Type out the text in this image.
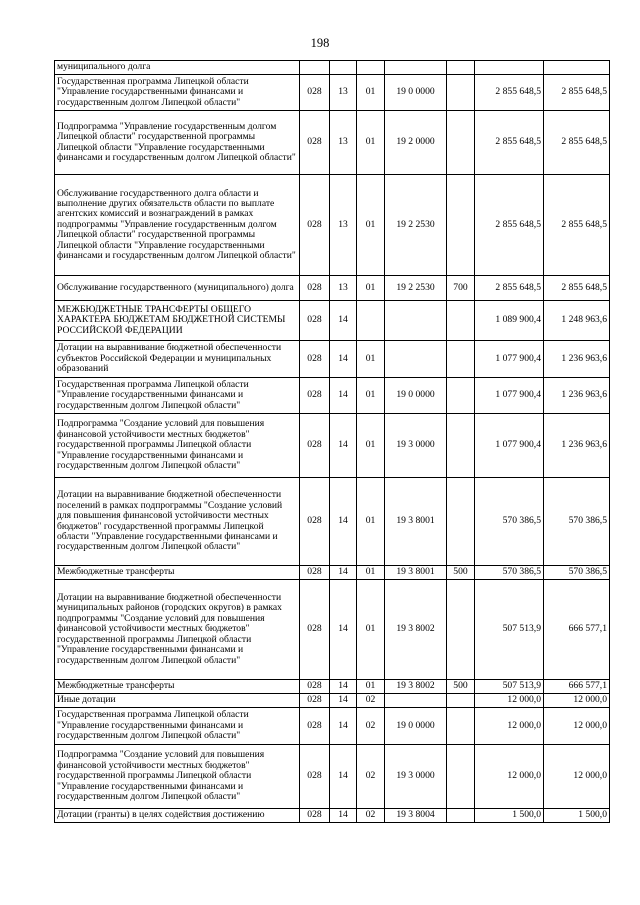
198
муниципального долга							
Государственная программа Липецкой области "Управление государственными финансами и государственным долгом Липецкой области"	028	13	01	19 0 0000		2 855 648,5	2 855 648,5
Подпрограмма "Управление государственным долгом Липецкой области" государственной программы Липецкой области "Управление государственными финансами и государственным долгом Липецкой области"	028	13	01	19 2 0000		2 855 648,5	2 855 648,5
Обслуживание государственного долга области и выполнение других обязательств области по выплате агентских комиссий и вознаграждений в рамках подпрограммы "Управление государственным долгом Липецкой области" государственной программы Липецкой области "Управление государственными финансами и государственным долгом Липецкой области"	028	13	01	19 2 2530		2 855 648,5	2 855 648,5
Обслуживание государственного (муниципального) долга	028	13	01	19 2 2530	700	2 855 648,5	2 855 648,5
МЕЖБЮДЖЕТНЫЕ ТРАНСФЕРТЫ ОБЩЕГО ХАРАКТЕРА БЮДЖЕТАМ БЮДЖЕТНОЙ СИСТЕМЫ РОССИЙСКОЙ ФЕДЕРАЦИИ	028	14				1 089 900,4	1 248 963,6
Дотации на выравнивание бюджетной обеспеченности субъектов Российской Федерации и муниципальных образований	028	14	01			1 077 900,4	1 236 963,6
Государственная программа Липецкой области "Управление государственными финансами и государственным долгом Липецкой области"	028	14	01	19 0 0000		1 077 900,4	1 236 963,6
Подпрограмма "Создание условий для повышения финансовой устойчивости местных бюджетов" государственной программы Липецкой области "Управление государственными финансами и государственным долгом Липецкой области"	028	14	01	19 3 0000		1 077 900,4	1 236 963,6
Дотации на выравнивание бюджетной обеспеченности поселений в рамках подпрограммы "Создание условий для повышения финансовой устойчивости местных бюджетов" государственной программы Липецкой области "Управление государственными финансами и государственным долгом Липецкой области"	028	14	01	19 3 8001		570 386,5	570 386,5
Межбюджетные трансферты	028	14	01	19 3 8001	500	570 386,5	570 386,5
Дотации на выравнивание бюджетной обеспеченности муниципальных районов (городских округов) в рамках подпрограммы "Создание условий для повышения финансовой устойчивости местных бюджетов" государственной программы Липецкой области "Управление государственными финансами и государственным долгом Липецкой области"	028	14	01	19 3 8002		507 513,9	666 577,1
Межбюджетные трансферты	028	14	01	19 3 8002	500	507 513,9	666 577,1
Иные дотации	028	14	02			12 000,0	12 000,0
Государственная программа Липецкой области "Управление государственными финансами и государственным долгом Липецкой области"	028	14	02	19 0 0000		12 000,0	12 000,0
Подпрограмма "Создание условий для повышения финансовой устойчивости местных бюджетов" государственной программы Липецкой области "Управление государственными финансами и государственным долгом Липецкой области"	028	14	02	19 3 0000		12 000,0	12 000,0
Дотации (гранты) в целях содействия достижению	028	14	02	19 3 8004		1 500,0	1 500,0
